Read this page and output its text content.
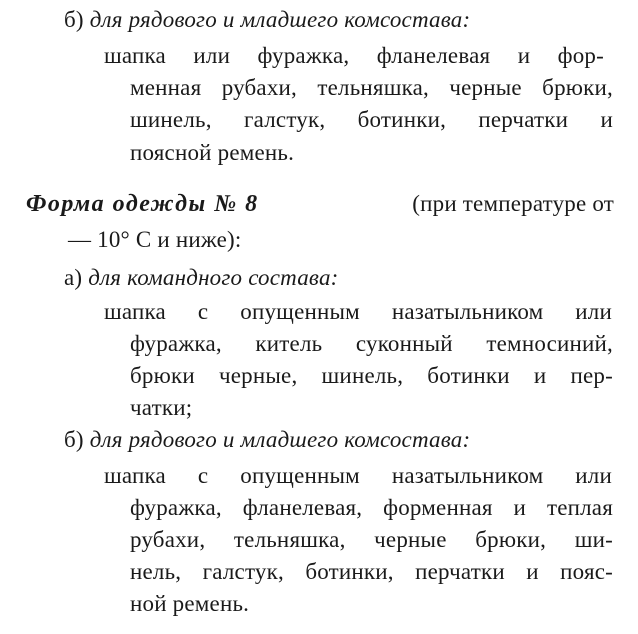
б) для рядового и младшего комсостава:
шапка или фуражка, фланелевая и фор-
менная рубахи, тельняшка, черные брюки,
шинель, галстук, ботинки, перчатки и
поясной ремень.
Форма одежды № 8	(при температуре от
— 10° С и ниже):
а) для командного состава:
шапка с опущенным назатыльником или
фуражка, китель суконный темносиний,
брюки черные, шинель, ботинки и пер-
чатки;
б) для рядового и младшего комсостава:
шапка с опущенным назатыльником или
фуражка, фланелевая, форменная и теплая
рубахи, тельняшка, черные брюки, ши-
нель, галстук, ботинки, перчатки и пояс-
ной ремень.
